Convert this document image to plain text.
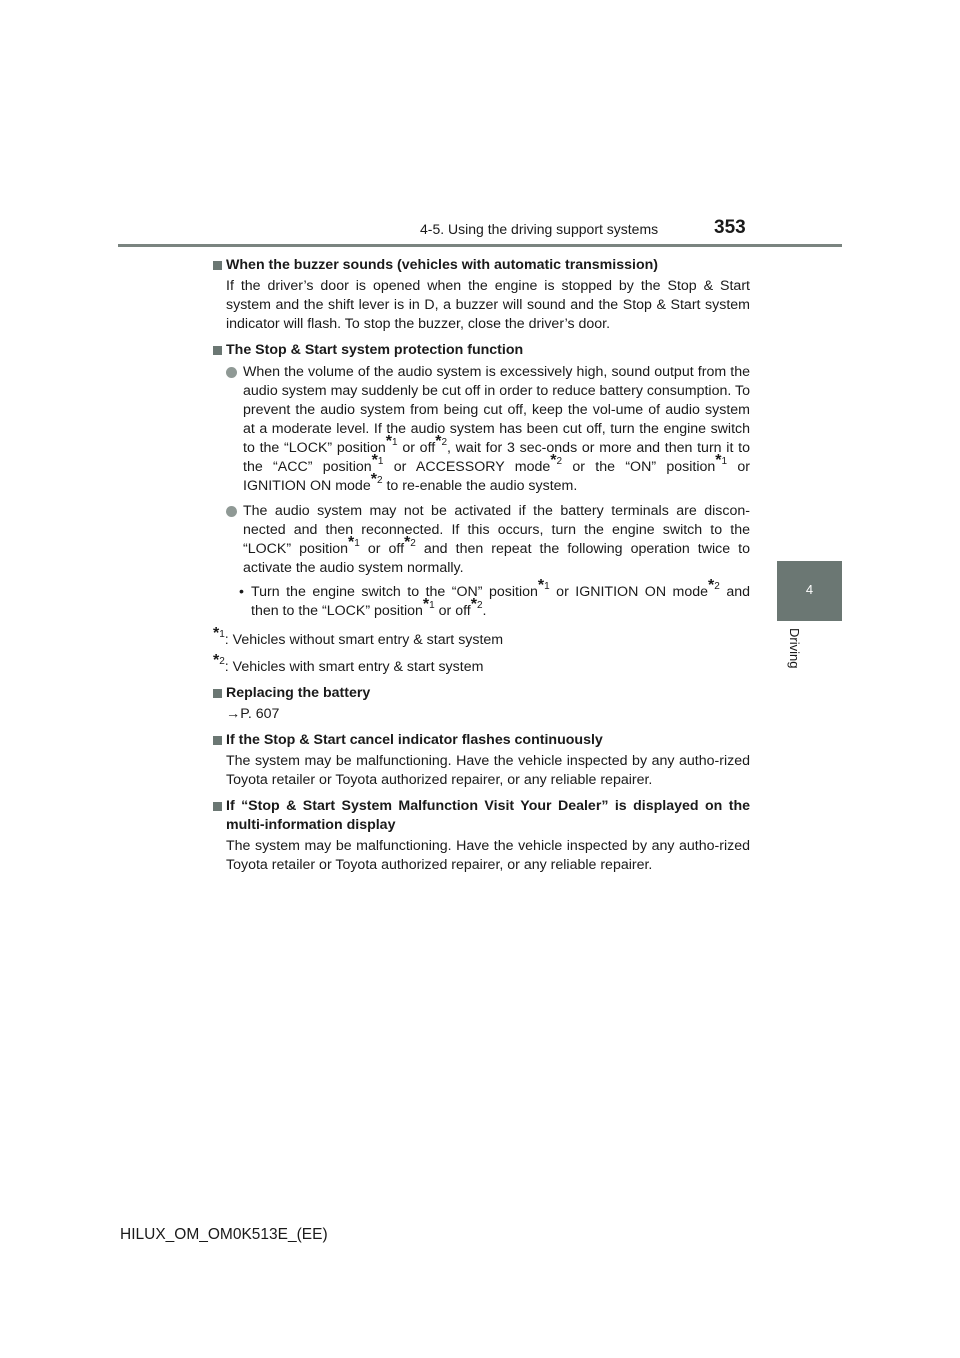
4-5. Using the driving support systems	353
4
Driving
When the buzzer sounds (vehicles with automatic transmission)
If the driver’s door is opened when the engine is stopped by the Stop & Start system and the shift lever is in D, a buzzer will sound and the Stop & Start system indicator will flash. To stop the buzzer, close the driver’s door.
The Stop & Start system protection function
When the volume of the audio system is excessively high, sound output from the audio system may suddenly be cut off in order to reduce battery consumption. To prevent the audio system from being cut off, keep the vol-ume of audio system at a moderate level. If the audio system has been cut off, turn the engine switch to the “LOCK” position$^{*1}$ or off$^{*2}$, wait for 3 sec-onds or more and then turn it to the “ACC” position$^{*1}$ or ACCESSORY mode$^{*2}$ or the “ON” position$^{*1}$ or IGNITION ON mode$^{*2}$ to re-enable the audio system.
The audio system may not be activated if the battery terminals are discon-nected and then reconnected. If this occurs, turn the engine switch to the “LOCK” position$^{*1}$ or off$^{*2}$ and then repeat the following operation twice to activate the audio system normally.
• Turn the engine switch to the “ON” position$^{*1}$ or IGNITION ON mode$^{*2}$ and then to the “LOCK” position$^{*1}$ or off$^{*2}$.
$^{*1}$: Vehicles without smart entry & start system
$^{*2}$: Vehicles with smart entry & start system
Replacing the battery
→P. 607
If the Stop & Start cancel indicator flashes continuously
The system may be malfunctioning. Have the vehicle inspected by any autho-rized Toyota retailer or Toyota authorized repairer, or any reliable repairer.
If “Stop & Start System Malfunction Visit Your Dealer” is displayed on the multi-information display
The system may be malfunctioning. Have the vehicle inspected by any autho-rized Toyota retailer or Toyota authorized repairer, or any reliable repairer.
HILUX_OM_OM0K513E_(EE)
